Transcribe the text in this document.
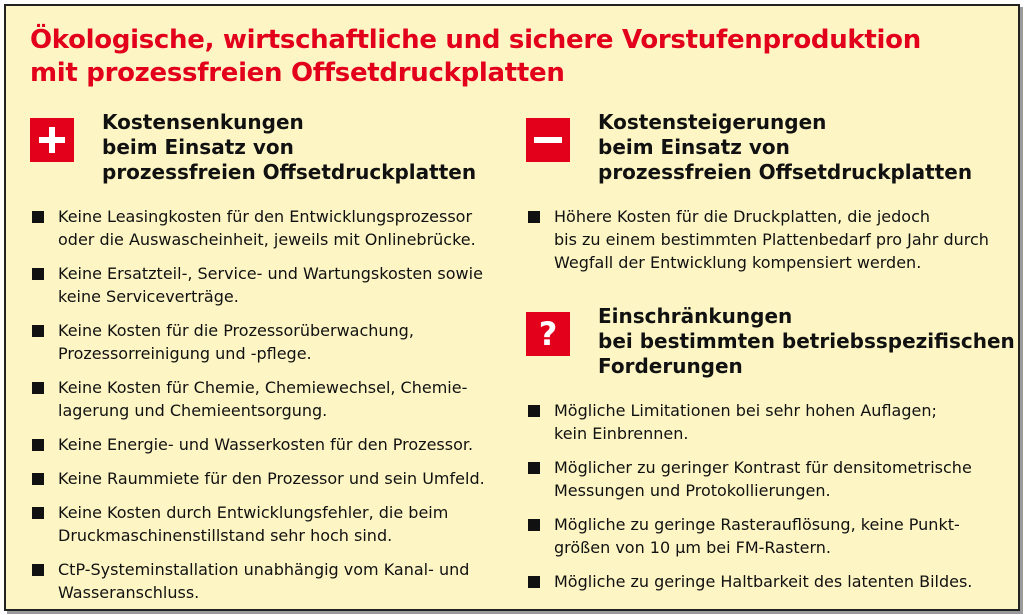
Ökologische, wirtschaftliche und sichere Vorstufenproduktion
mit prozessfreien Offsetdruckplatten
Kostensenkungen
beim Einsatz von
prozessfreien Offsetdruckplatten
Keine Leasingkosten für den Entwicklungsprozessor
oder die Auswascheinheit, jeweils mit Onlinebrücke.
Keine Ersatzteil-, Service- und Wartungskosten sowie
keine Serviceverträge.
Keine Kosten für die Prozessorüberwachung,
Prozessorreinigung und -pflege.
Keine Kosten für Chemie, Chemiewechsel, Chemie-
lagerung und Chemieentsorgung.
Keine Energie- und Wasserkosten für den Prozessor.
Keine Raummiete für den Prozessor und sein Umfeld.
Keine Kosten durch Entwicklungsfehler, die beim
Druckmaschinenstillstand sehr hoch sind.
CtP-Systeminstallation unabhängig vom Kanal- und
Wasseranschluss.
Kostensteigerungen
beim Einsatz von
prozessfreien Offsetdruckplatten
Höhere Kosten für die Druckplatten, die jedoch
bis zu einem bestimmten Plattenbedarf pro Jahr durch
Wegfall der Entwicklung kompensiert werden.
?	Einschränkungen
bei bestimmten betriebsspezifischen
Forderungen
Mögliche Limitationen bei sehr hohen Auflagen;
kein Einbrennen.
Möglicher zu geringer Kontrast für densitometrische
Messungen und Protokollierungen.
Mögliche zu geringe Rasterauflösung, keine Punkt-
größen von 10 µm bei FM-Rastern.
Mögliche zu geringe Haltbarkeit des latenten Bildes.
